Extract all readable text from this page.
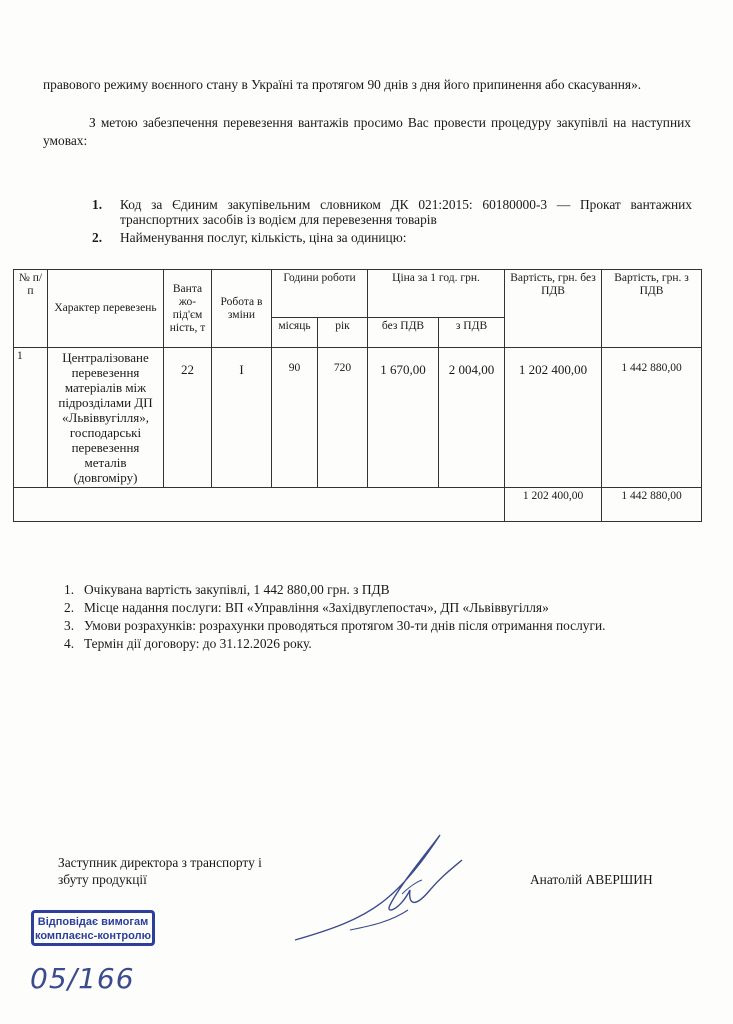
правового режиму воєнного стану в Україні та протягом 90 днів з дня його припинення або скасування».
З метою забезпечення перевезення вантажів просимо Вас провести процедуру закупівлі на наступних умовах:
1.	Код за Єдиним закупівельним словником ДК 021:2015: 60180000-3 — Прокат вантажних транспортних засобів із водієм для перевезення товарів
2.	Найменування послуг, кількість, ціна за одиницю:
№ п/ п	Характер перевезень	Ванта жо-під'єм ність, т	Робота в зміни	Години роботи		Ціна за 1 год. грн.		Вартість, грн. без ПДВ	Вартість, грн. з ПДВ
				місяць	рік	без ПДВ	з ПДВ		
1	Централізоване перевезення матеріалів між підрозділами ДП «Львіввугілля», господарські перевезення металів (довгоміру)	22	І	90	720	1 670,00	2 004,00	1 202 400,00	1 442 880,00
								1 202 400,00	1 442 880,00
1. Очікувана вартість закупівлі, 1 442 880,00 грн. з ПДВ
2. Місце надання послуги: ВП «Управління «Західвуглепостач», ДП «Львіввугілля»
3. Умови розрахунків: розрахунки проводяться протягом 30-ти днів після отримання послуги.
4. Термін дії договору: до 31.12.2026 року.
Заступник директора з транспорту і
збуту продукції	Анатолій АВЕРШИН
Відповідає вимогам
комплаєнс-контролю
05/166
